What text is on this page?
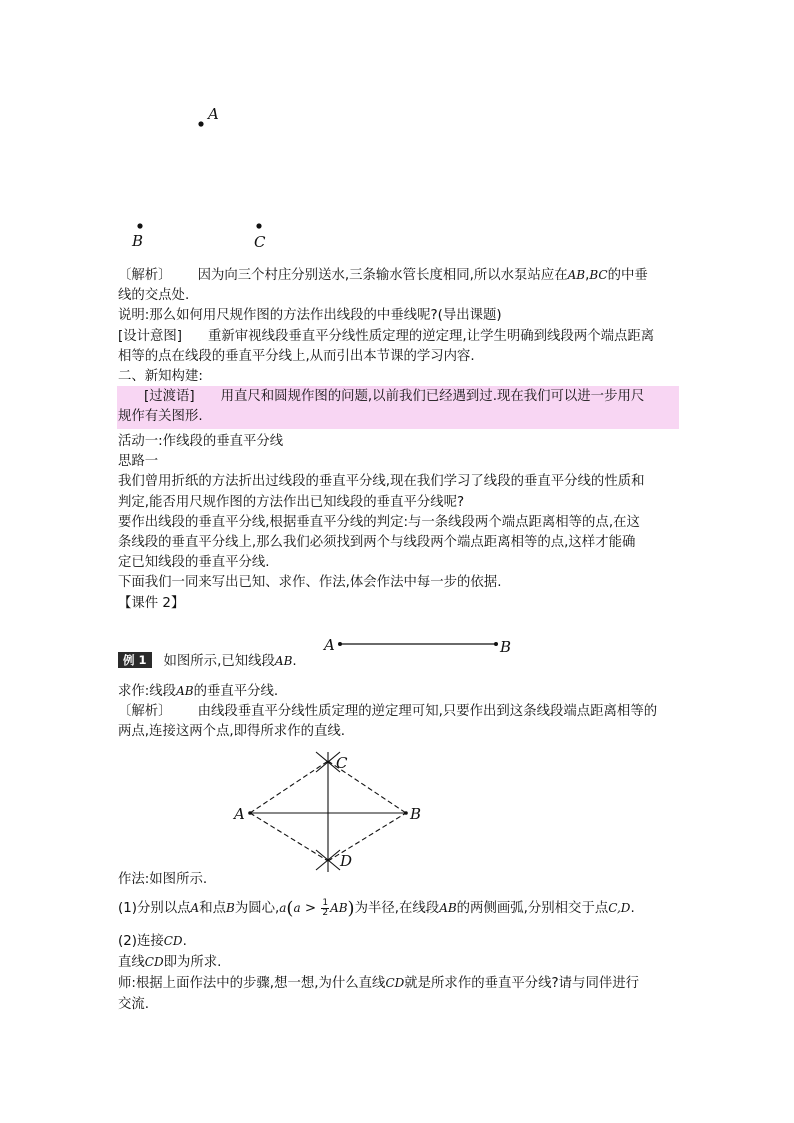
A
B	C
〔解析〕 因为向三个村庄分别送水,三条输水管长度相同,所以水泵站应在AB,BC的中垂
线的交点处.
说明:那么如何用尺规作图的方法作出线段的中垂线呢?(导出课题)
[设计意图] 重新审视线段垂直平分线性质定理的逆定理,让学生明确到线段两个端点距离
相等的点在线段的垂直平分线上,从而引出本节课的学习内容.
二、新知构建:
[过渡语] 用直尺和圆规作图的问题,以前我们已经遇到过.现在我们可以进一步用尺
规作有关图形.
活动一:作线段的垂直平分线
思路一
我们曾用折纸的方法折出过线段的垂直平分线,现在我们学习了线段的垂直平分线的性质和
判定,能否用尺规作图的方法作出已知线段的垂直平分线呢?
要作出线段的垂直平分线,根据垂直平分线的判定:与一条线段两个端点距离相等的点,在这
条线段的垂直平分线上,那么我们必须找到两个与线段两个端点距离相等的点,这样才能确
定已知线段的垂直平分线.
下面我们一同来写出已知、求作、作法,体会作法中每一步的依据.
【课件 2】
A	B
例 1 如图所示,已知线段AB.
求作:线段AB的垂直平分线.
〔解析〕 由线段垂直平分线性质定理的逆定理可知,只要作出到这条线段端点距离相等的
两点,连接这两个点,即得所求作的直线.
A	B
C
D
作法:如图所示.
(1)分别以点A和点B为圆心$,a(a > \frac{1}{2} AB)$为半径,在线段AB的两侧画弧,分别相交于点C,D.
(2)连接CD.
直线CD即为所求.
师:根据上面作法中的步骤,想一想,为什么直线CD就是所求作的垂直平分线?请与同伴进行
交流.
